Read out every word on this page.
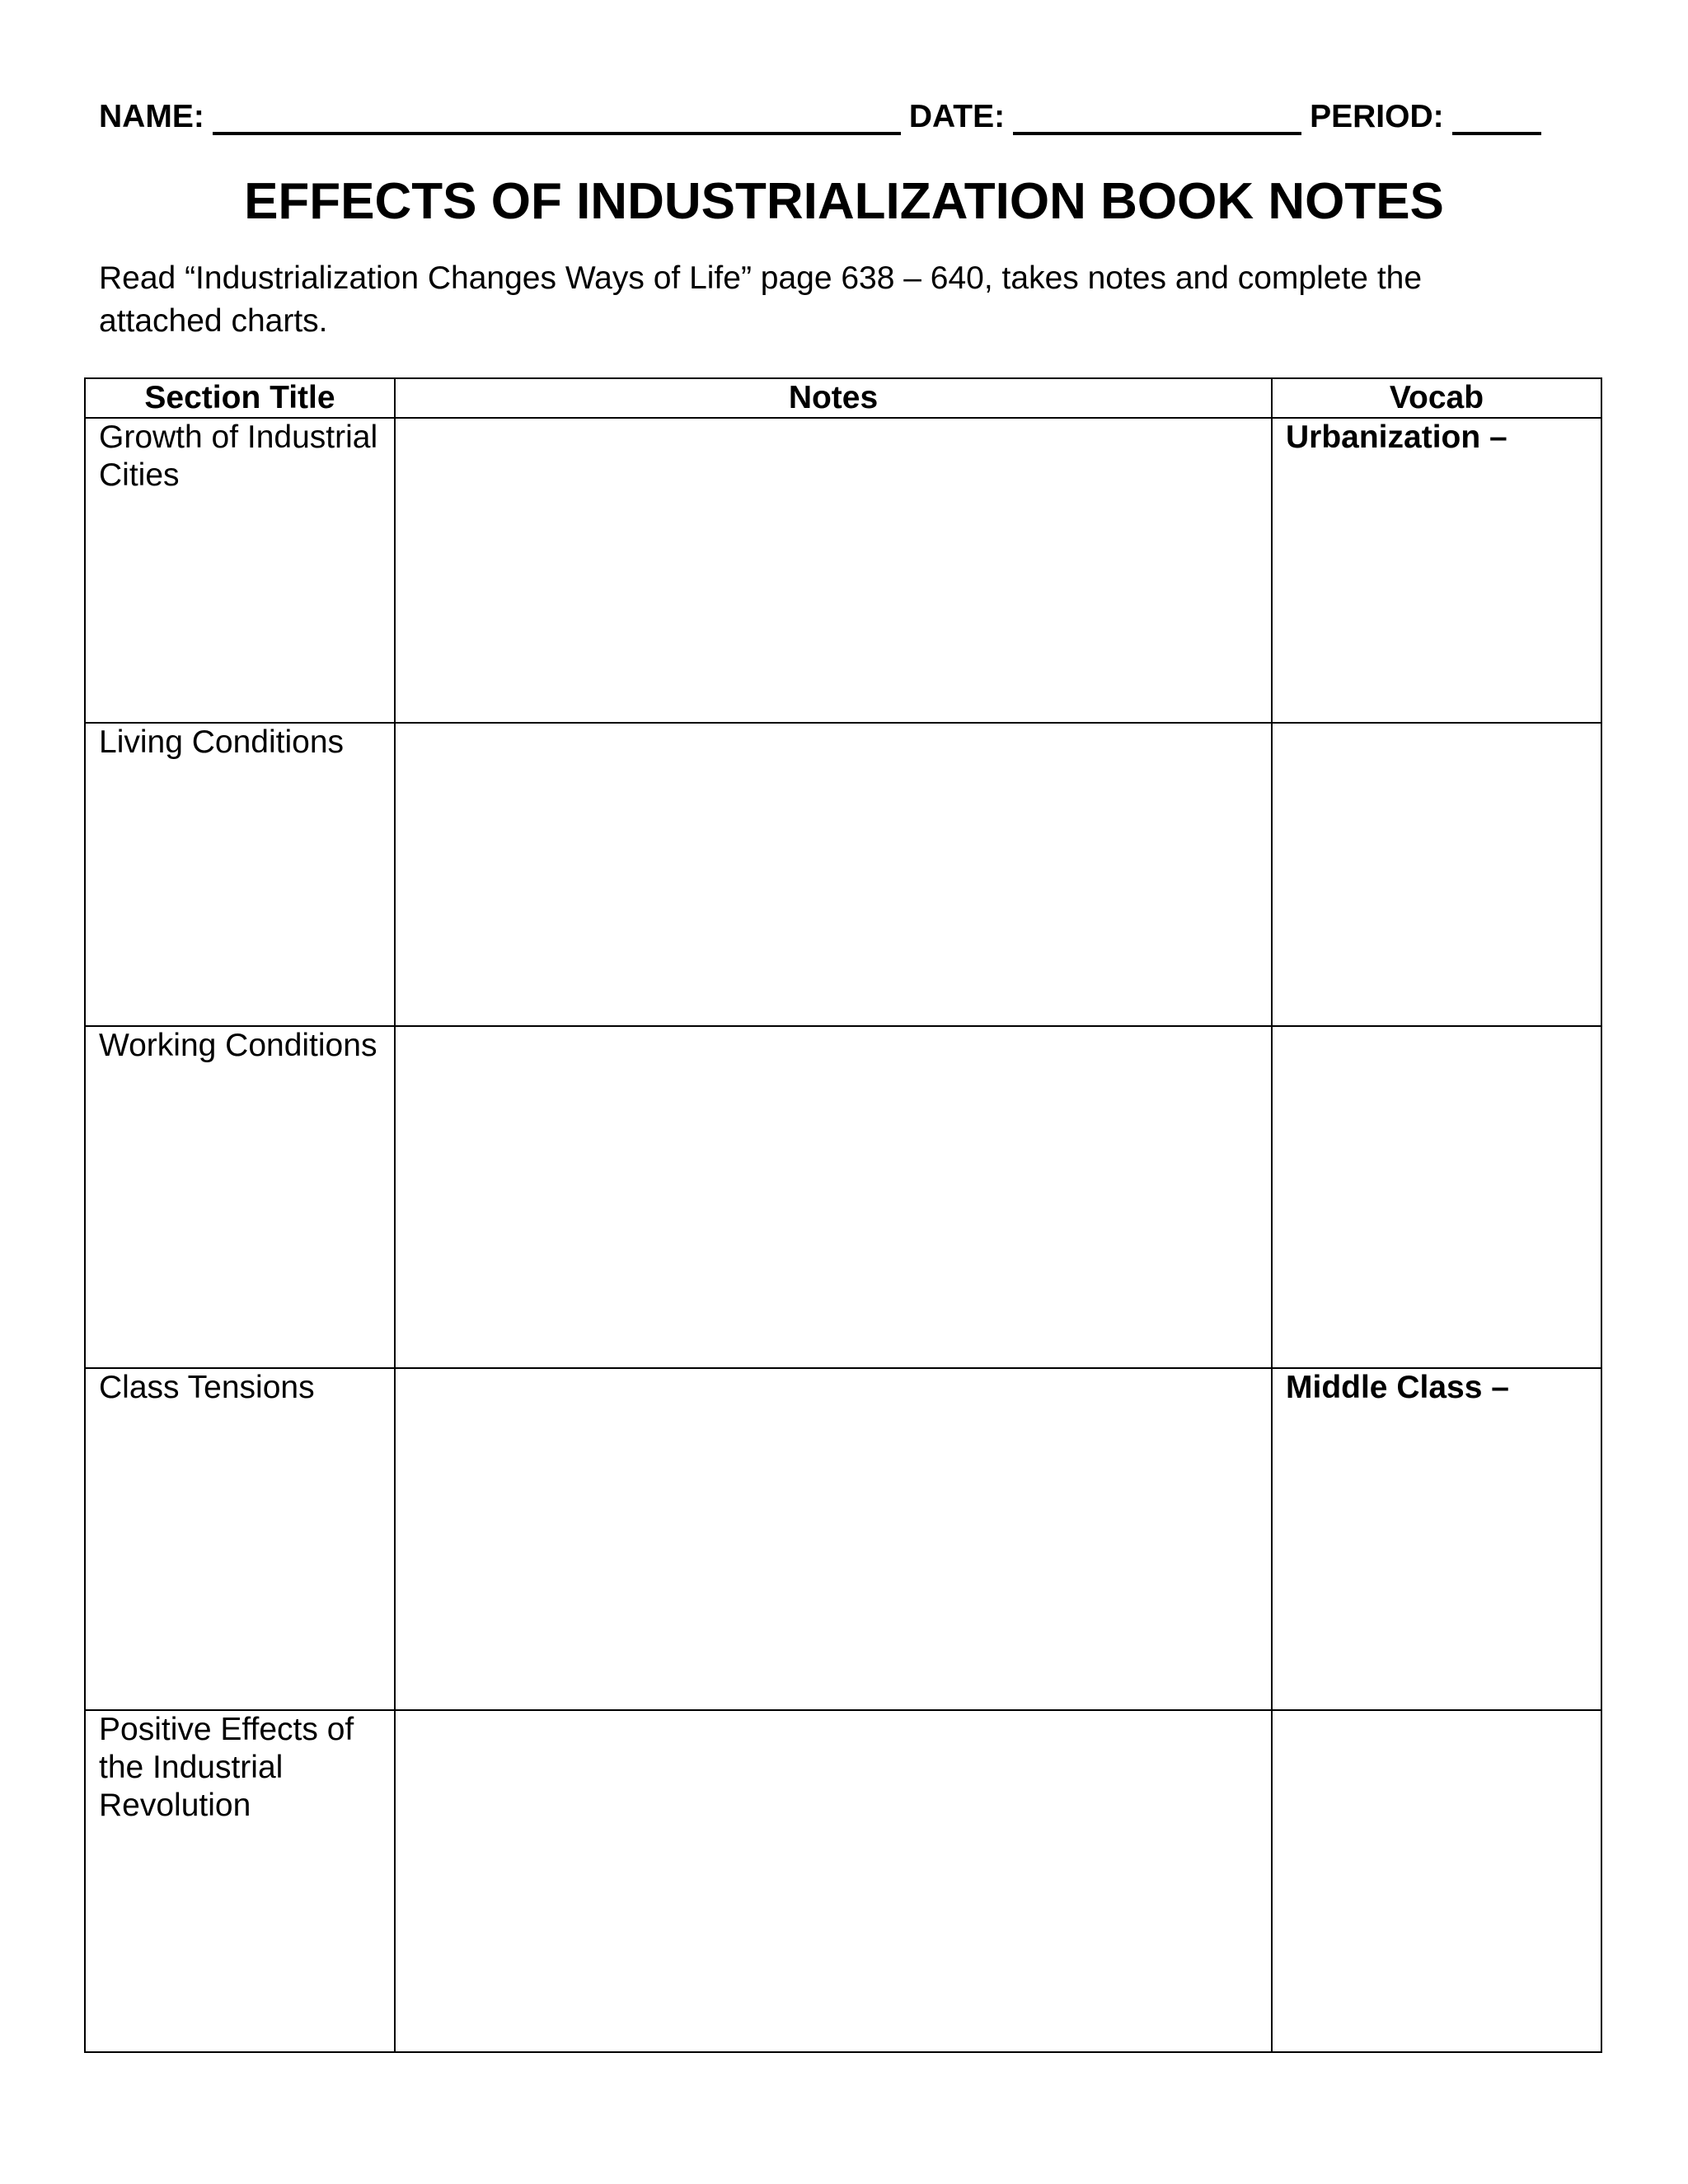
NAME:	DATE:	PERIOD:
EFFECTS OF INDUSTRIALIZATION BOOK NOTES
Read “Industrialization Changes Ways of Life” page 638 – 640, takes notes and complete the attached charts.
Section Title	Notes	Vocab
Growth of Industrial Cities		Urbanization –
Living Conditions		
Working Conditions		
Class Tensions		Middle Class –
Positive Effects of the Industrial Revolution		
